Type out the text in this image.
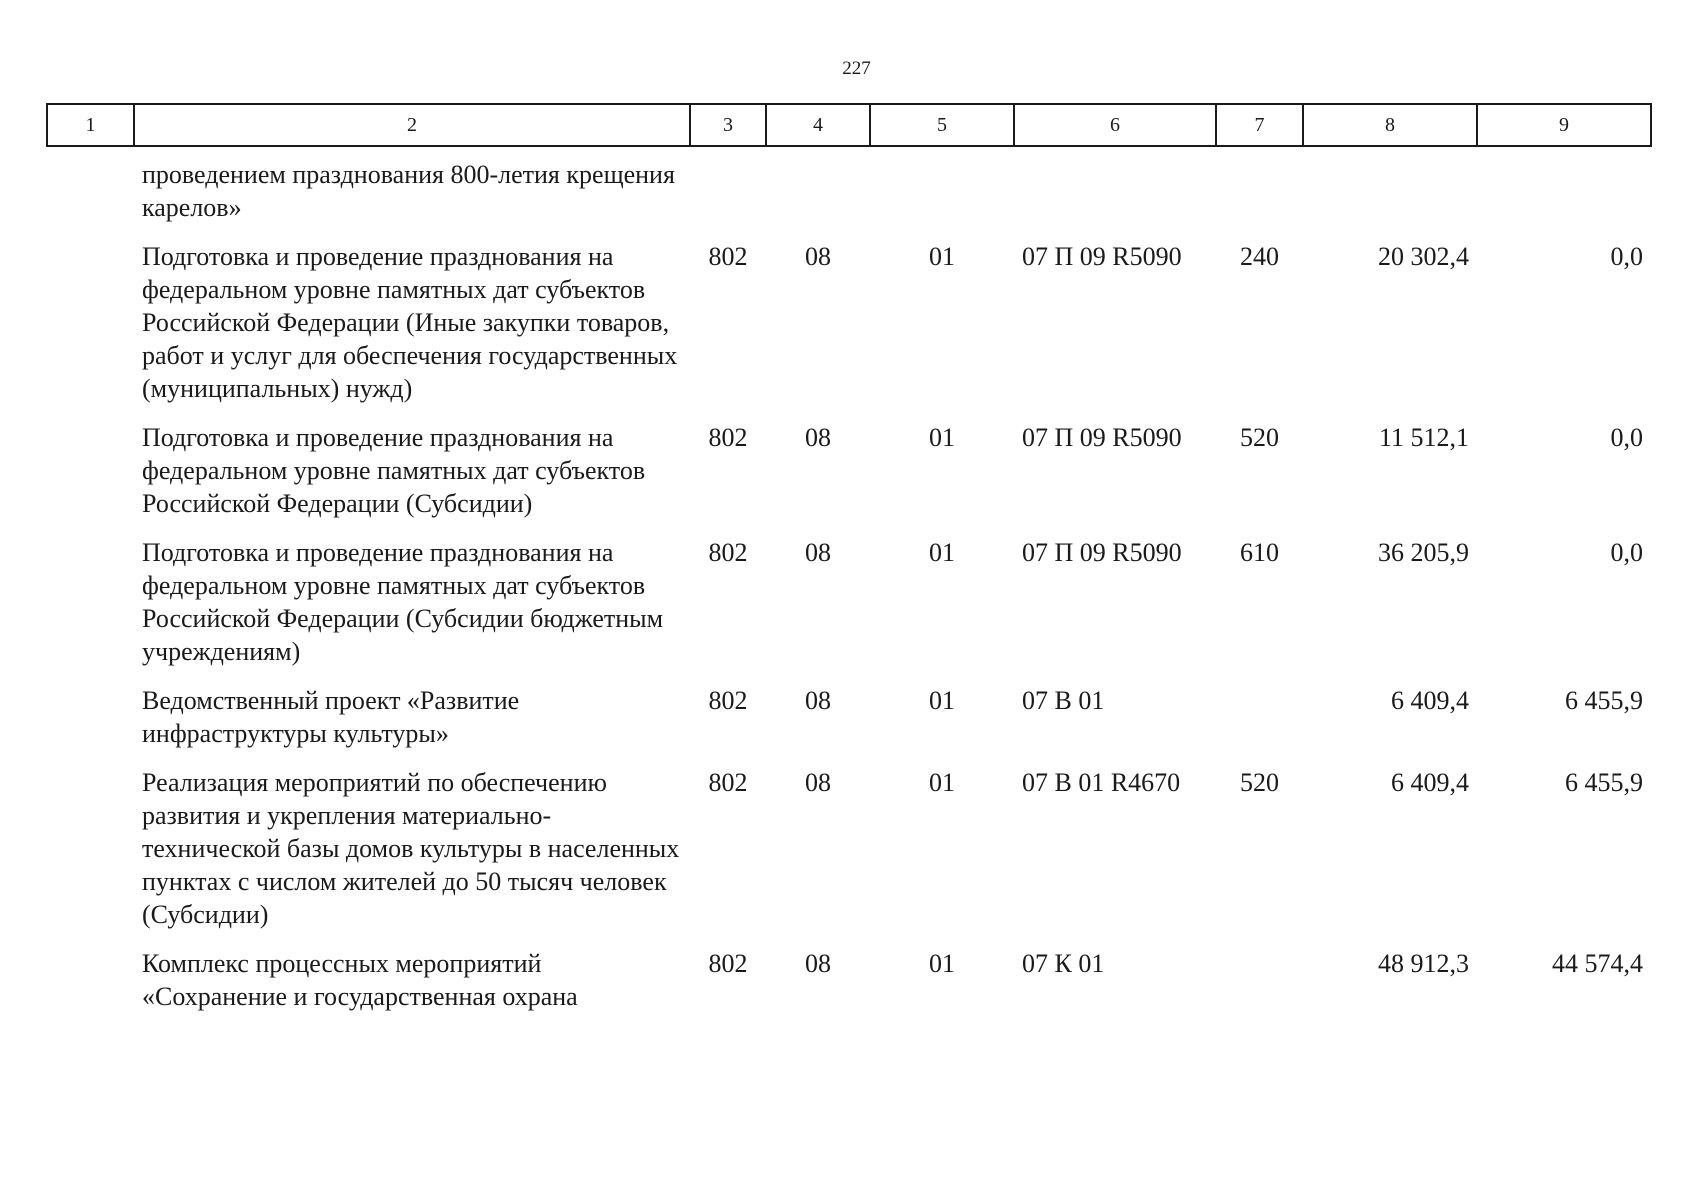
227
1	2	3	4	5	6	7	8	9
	проведением празднования 800-летия крещения карелов»							
	Подготовка и проведение празднования на федеральном уровне памятных дат субъектов Российской Федерации (Иные закупки товаров, работ и услуг для обеспечения государственных (муниципальных) нужд)	802	08	01	07 П 09 R5090	240	20 302,4	0,0
	Подготовка и проведение празднования на федеральном уровне памятных дат субъектов Российской Федерации (Субсидии)	802	08	01	07 П 09 R5090	520	11 512,1	0,0
	Подготовка и проведение празднования на федеральном уровне памятных дат субъектов Российской Федерации (Субсидии бюджетным учреждениям)	802	08	01	07 П 09 R5090	610	36 205,9	0,0
	Ведомственный проект «Развитие инфраструктуры культуры»	802	08	01	07 В 01		6 409,4	6 455,9
	Реализация мероприятий по обеспечению развития и укрепления материально-технической базы домов культуры в населенных пунктах с числом жителей до 50 тысяч человек (Субсидии)	802	08	01	07 В 01 R4670	520	6 409,4	6 455,9
	Комплекс процессных мероприятий «Сохранение и государственная охрана	802	08	01	07 К 01		48 912,3	44 574,4
